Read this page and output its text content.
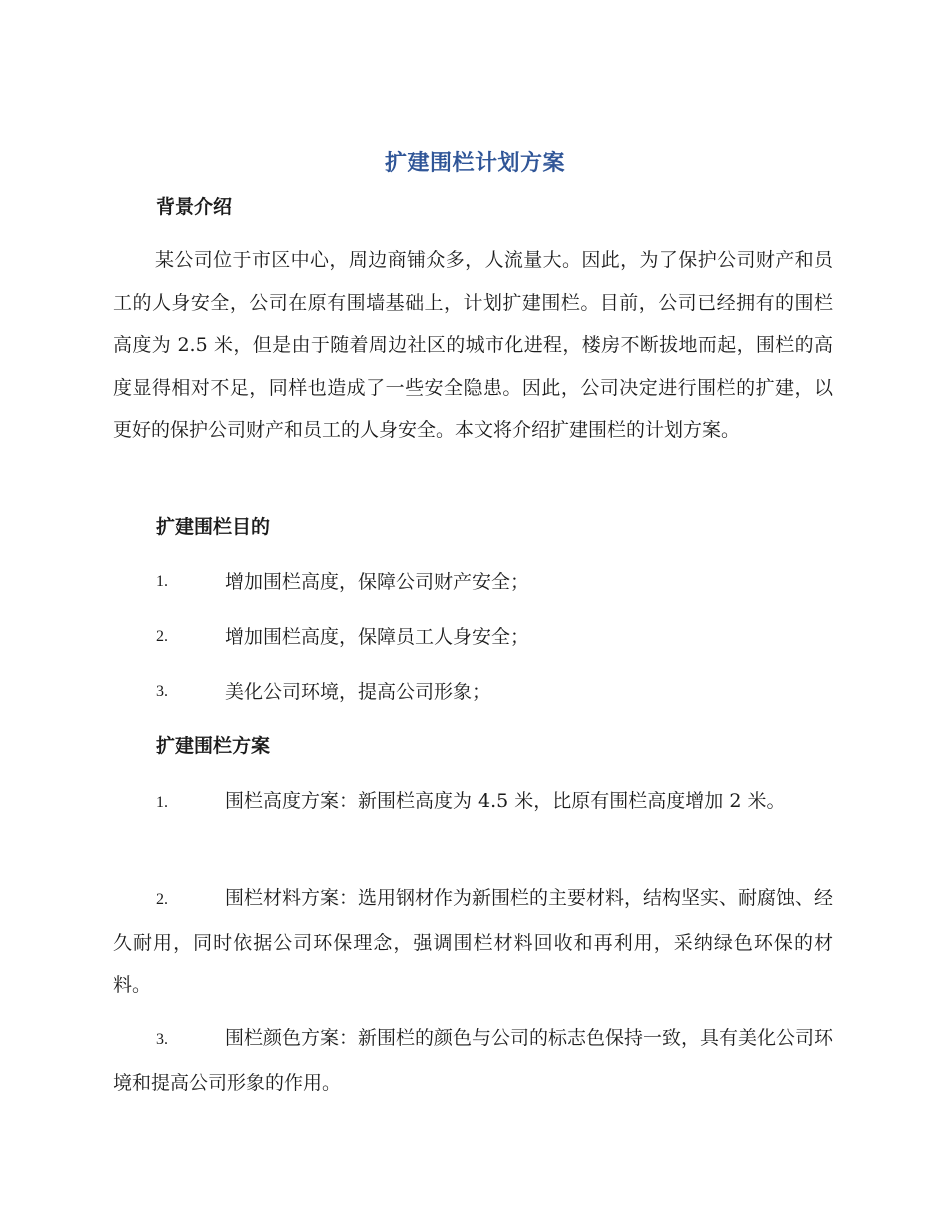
扩建围栏计划方案
背景介绍

某公司位于市区中心，周边商铺众多，人流量大。因此，为了保护公司财产和员工的人身安全，公司在原有围墙基础上，计划扩建围栏。目前，公司已经拥有的围栏高度为 2.5 米，但是由于随着周边社区的城市化进程，楼房不断拔地而起，围栏的高度显得相对不足，同样也造成了一些安全隐患。因此，公司决定进行围栏的扩建，以更好的保护公司财产和员工的人身安全。本文将介绍扩建围栏的计划方案。

扩建围栏目的
1.	增加围栏高度，保障公司财产安全；
2.	增加围栏高度，保障员工人身安全；
3.	美化公司环境，提高公司形象；
扩建围栏方案

1.	围栏高度方案：新围栏高度为 4.5 米，比原有围栏高度增加 2 米。

2.	围栏材料方案：选用钢材作为新围栏的主要材料，结构坚实、耐腐蚀、经久耐用，同时依据公司环保理念，强调围栏材料回收和再利用，采纳绿色环保的材料。

3.	围栏颜色方案：新围栏的颜色与公司的标志色保持一致，具有美化公司环境和提高公司形象的作用。
